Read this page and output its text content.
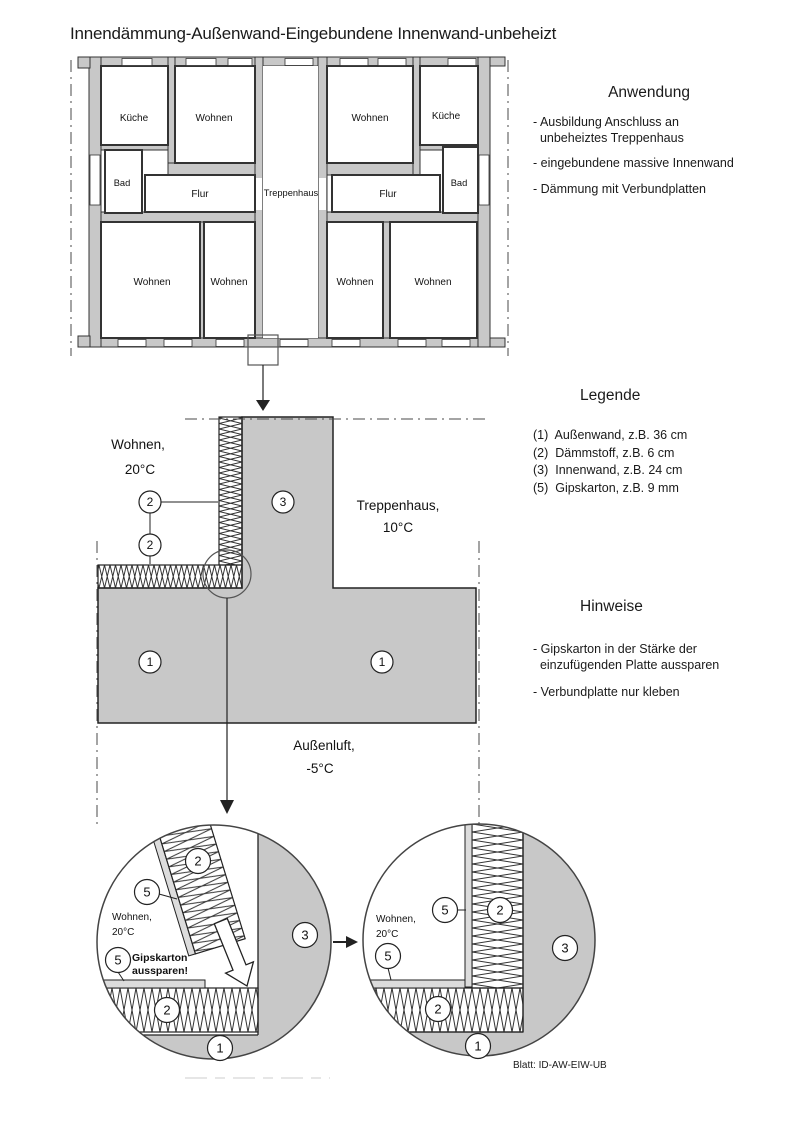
Innendämmung-Außenwand-Eingebundene Innenwand-unbeheizt
Anwendung
- Ausbildung Anschluss an
unbeheiztes Treppenhaus
- eingebundene massive Innenwand
- Dämmung mit Verbundplatten
Legende
(1)  Außenwand, z.B. 36 cm
(2)  Dämmstoff, z.B. 6 cm
(3)  Innenwand, z.B. 24 cm
(5)  Gipskarton, z.B. 9 mm
Hinweise
- Gipskarton in der Stärke der
einzufügenden Platte aussparen
- Verbundplatte nur kleben
Blatt: ID-AW-EIW-UB
Küche	Wohnen	Wohnen	Küche
Bad	Bad
Flur	Flur
Treppenhaus
Wohnen	Wohnen	Wohnen	Wohnen
Wohnen,
20°C
Treppenhaus,
10°C
Außenluft,
-5°C
2
2
3
1	1
2
5
Wohnen,
20°C
5 Gipskarton
aussparen!
2
1
3
5	2
Wohnen,
20°C
5
2
1
3
